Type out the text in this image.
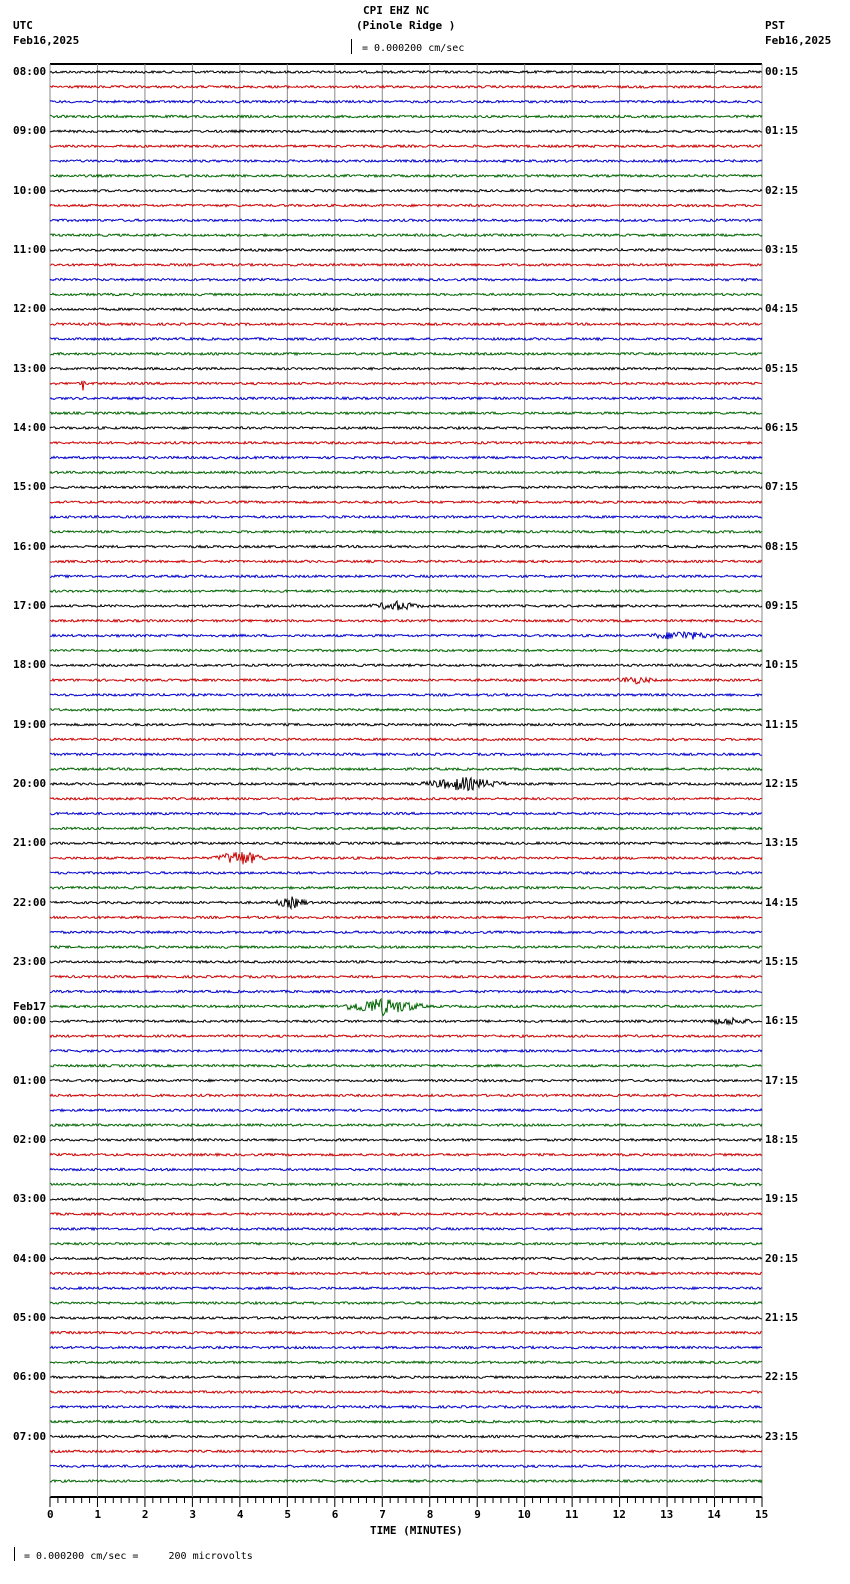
CPI EHZ NC
(Pinole Ridge )
UTC
Feb16,2025
PST
Feb16,2025
= 0.000200 cm/sec
TIME (MINUTES)
= 0.000200 cm/sec =     200 microvolts
0	1	2	3	4	5	6	7	8	9	10	11	12	13	14	15
08:00
09:00
10:00
11:00
12:00
13:00
14:00
15:00
16:00
17:00
18:00
19:00
20:00
21:00
22:00
23:00
00:00
01:00
02:00
03:00
04:00
05:00
06:00
07:00
Feb17
00:15
01:15
02:15
03:15
04:15
05:15
06:15
07:15
08:15
09:15
10:15
11:15
12:15
13:15
14:15
15:15
16:15
17:15
18:15
19:15
20:15
21:15
22:15
23:15
